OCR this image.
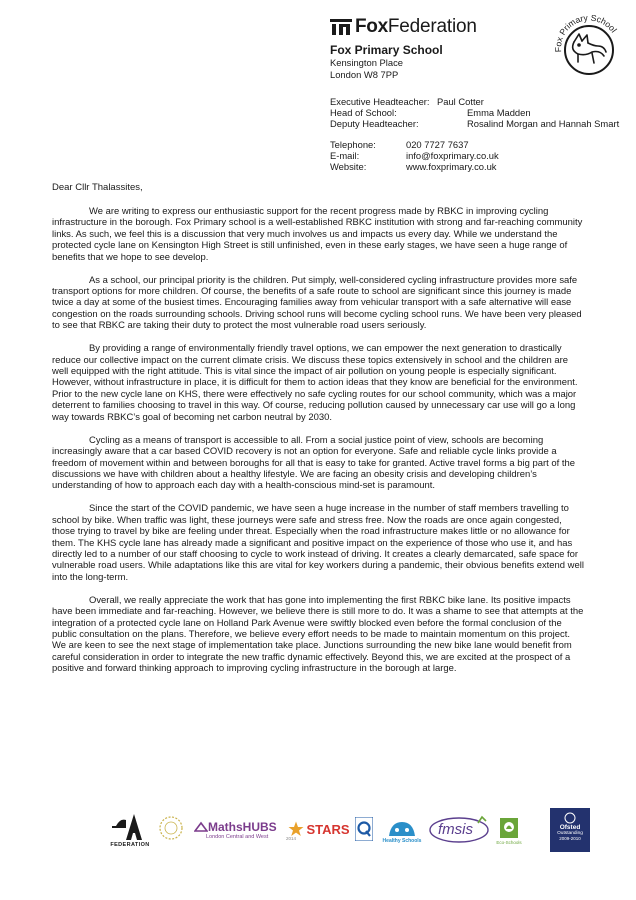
Fox Federation
Fox Primary School
Fox Primary School
Kensington Place
London W8 7PP
Executive Headteacher: Paul Cotter
Head of School:	Emma Madden
Deputy Headteacher:	Rosalind Morgan and Hannah Smart
Telephone:	020 7727 7637
E-mail:	info@foxprimary.co.uk
Website:	www.foxprimary.co.uk
Dear Cllr Thalassites,

We are writing to express our enthusiastic support for the recent progress made by RBKC in improving cycling infrastructure in the borough. Fox Primary school is a well-established RBKC institution with strong and far-reaching community links. As such, we feel this is a discussion that very much involves us and impacts us every day. While we understand the protected cycle lane on Kensington High Street is still unfinished, even in these early stages, we have seen a huge range of benefits that we hope to see develop.

As a school, our principal priority is the children. Put simply, well-considered cycling infrastructure provides more safe transport options for more children. Of course, the benefits of a safe route to school are significant since this journey is made twice a day at some of the busiest times. Encouraging families away from vehicular transport with a safe alternative will ease congestion on the roads surrounding schools. Driving school runs will become cycling school runs. We have been very pleased to see that RBKC are taking their duty to protect the most vulnerable road users seriously.

By providing a range of environmentally friendly travel options, we can empower the next generation to drastically reduce our collective impact on the current climate crisis. We discuss these topics extensively in school and the children are well equipped with the right attitude. This is vital since the impact of air pollution on young people is especially significant. However, without infrastructure in place, it is difficult for them to action ideas that they know are beneficial for the environment. Prior to the new cycle lane on KHS, there were effectively no safe cycling routes for our school community, which was a major deterrent to families choosing to travel in this way. Of course, reducing pollution caused by unnecessary car use will go a long way towards RBKC’s goal of becoming net carbon neutral by 2030.

Cycling as a means of transport is accessible to all. From a social justice point of view, schools are becoming increasingly aware that a car based COVID recovery is not an option for everyone. Safe and reliable cycle links provide a freedom of movement within and between boroughs for all that is easy to take for granted. Active travel forms a big part of the discussions we have with children about a healthy lifestyle. We are facing an obesity crisis and developing children’s understanding of how to approach each day with a health-conscious mind-set is paramount.

Since the start of the COVID pandemic, we have seen a huge increase in the number of staff members travelling to school by bike. When traffic was light, these journeys were safe and stress free. Now the roads are once again congested, those trying to travel by bike are feeling under threat. Especially when the road infrastructure makes little or no allowance for them. The KHS cycle lane has already made a significant and positive impact on the experience of those who use it, and has directly led to a number of our staff choosing to cycle to work instead of driving. It creates a clearly demarcated, safe space for vulnerable road users. While adaptations like this are vital for key workers during a pandemic, their obvious benefits extend well into the long-term.

Overall, we really appreciate the work that has gone into implementing the first RBKC bike lane. Its positive impacts have been immediate and far-reaching. However, we believe there is still more to do. It was a shame to see that attempts at the integration of a protected cycle lane on Holland Park Avenue were swiftly blocked even before the formal conclusion of the public consultation on the plans. Therefore, we believe every effort needs to be made to maintain momentum on this project. We are keen to see the next stage of implementation take place. Junctions surrounding the new bike lane would benefit from careful consideration in order to integrate the new traffic dynamic effectively. Beyond this, we are excited at the prospect of a positive and forward thinking approach to improving cycling infrastructure in the borough at large.

FEDERATION
MathsHUBS
London Central and West
STARS
2014	Healthy Schools
fmsis
Eco-Schools
Ofsted
Outstanding
2009-2010
